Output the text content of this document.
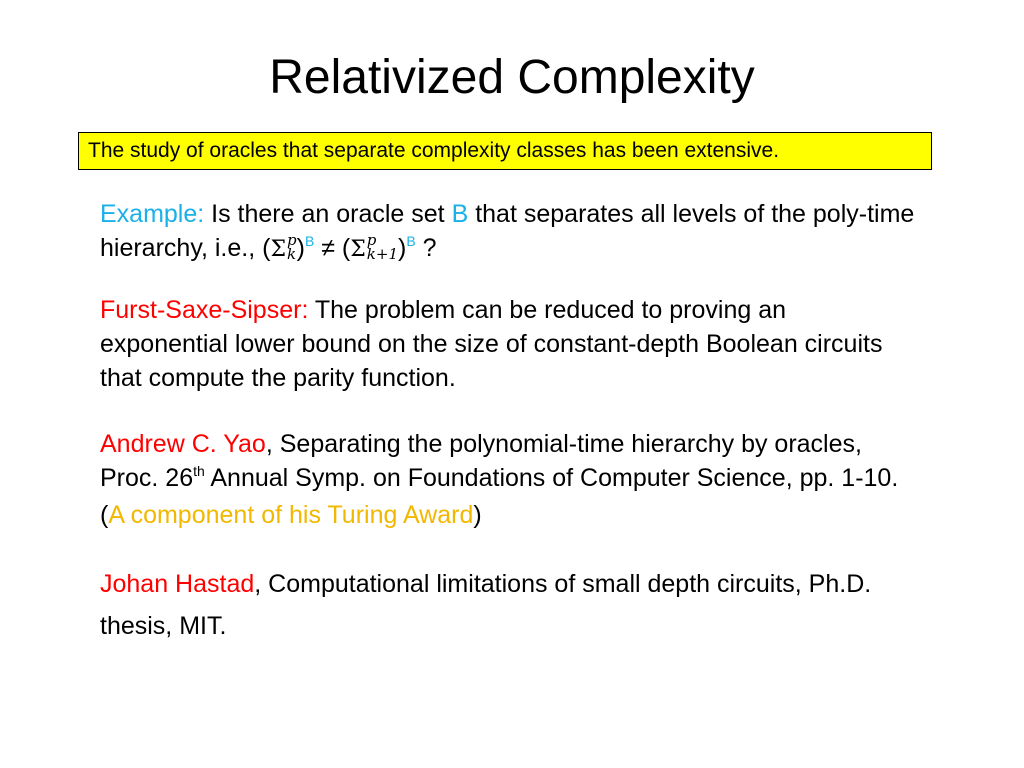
Relativized Complexity
The study of oracles that separate complexity classes has been extensive.
Example: Is there an oracle set B that separates all levels of the poly-time hierarchy, i.e., (Σ p
k )$^B$ ≠ (Σ p
k+1 )$^B$ ?
Furst-Saxe-Sipser: The problem can be reduced to proving an exponential lower bound on the size of constant-depth Boolean circuits that compute the parity function.
Andrew C. Yao, Separating the polynomial-time hierarchy by oracles, Proc. 26th Annual Symp. on Foundations of Computer Science, pp. 1-10. (A component of his Turing Award)
Johan Hastad, Computational limitations of small depth circuits, Ph.D. thesis, MIT.
